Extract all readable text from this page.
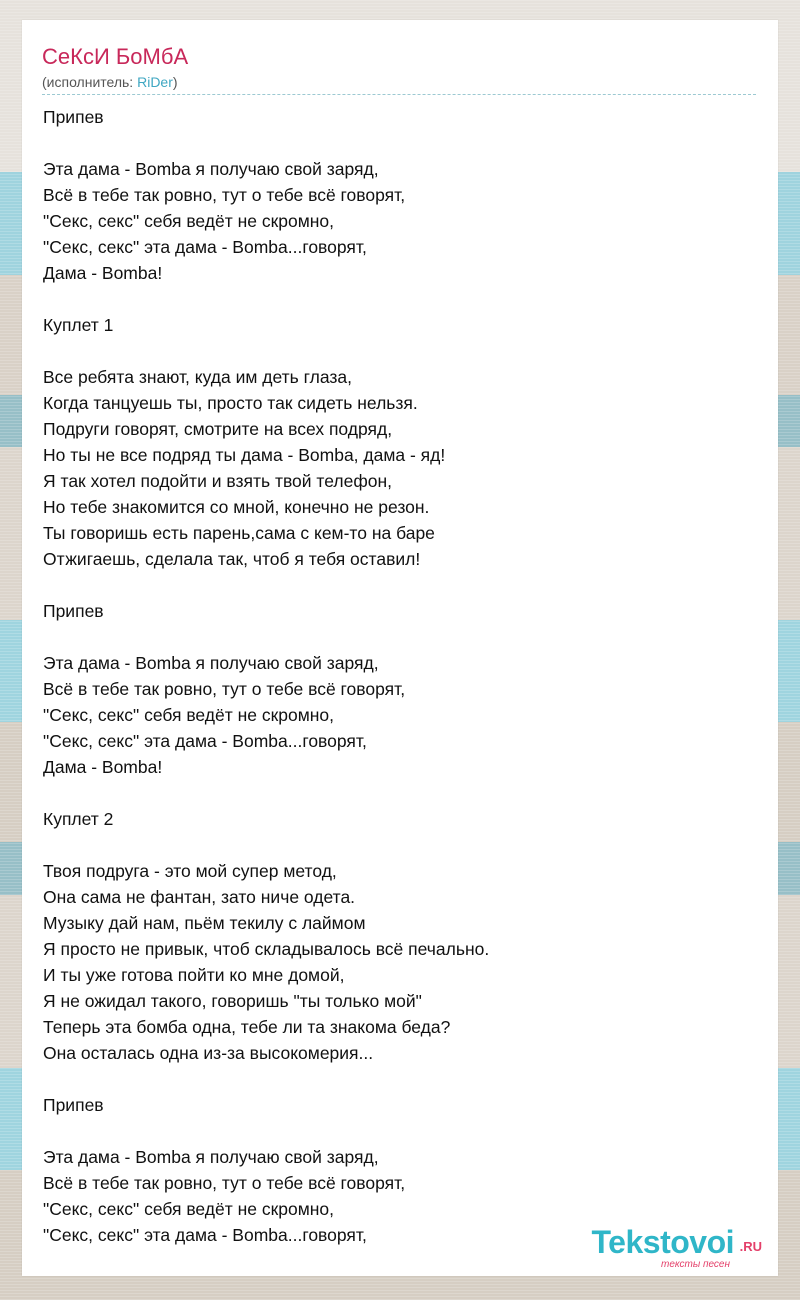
СеКсИ БоМбА
(исполнитель: RiDer)
Припев
Эта дама - Bomba я получаю свой заряд,
Всё в тебе так ровно, тут о тебе всё говорят,
"Секс, секс" себя ведёт не скромно,
"Секс, секс" эта дама - Bomba...говорят,
Дама - Bomba!
Куплет 1
Все ребята знают, куда им деть глаза,
Когда танцуешь ты, просто так сидеть нельзя.
Подруги говорят, смотрите на всех подряд,
Но ты не все подряд ты дама - Bomba, дама - яд!
Я так хотел подойти и взять твой телефон,
Но тебе знакомится со мной, конечно не резон.
Ты говоришь есть парень,сама с кем-то на баре
Отжигаешь, сделала так, чтоб я тебя оставил!
Припев
Эта дама - Bomba я получаю свой заряд,
Всё в тебе так ровно, тут о тебе всё говорят,
"Секс, секс" себя ведёт не скромно,
"Секс, секс" эта дама - Bomba...говорят,
Дама - Bomba!
Куплет 2
Твоя подруга - это мой супер метод,
Она сама не фантан, зато ниче одета.
Музыку дай нам, пьём текилу с лаймом
Я просто не привык, чтоб складывалось всё печально.
И ты уже готова пойти ко мне домой,
Я не ожидал такого, говоришь "ты только мой"
Теперь эта бомба одна, тебе ли та знакома беда?
Она осталась одна из-за высокомерия...
Припев
Эта дама - Bomba я получаю свой заряд,
Всё в тебе так ровно, тут о тебе всё говорят,
"Секс, секс" себя ведёт не скромно,
"Секс, секс" эта дама - Bomba...говорят,	Tekstovoi .RU
тексты песен
